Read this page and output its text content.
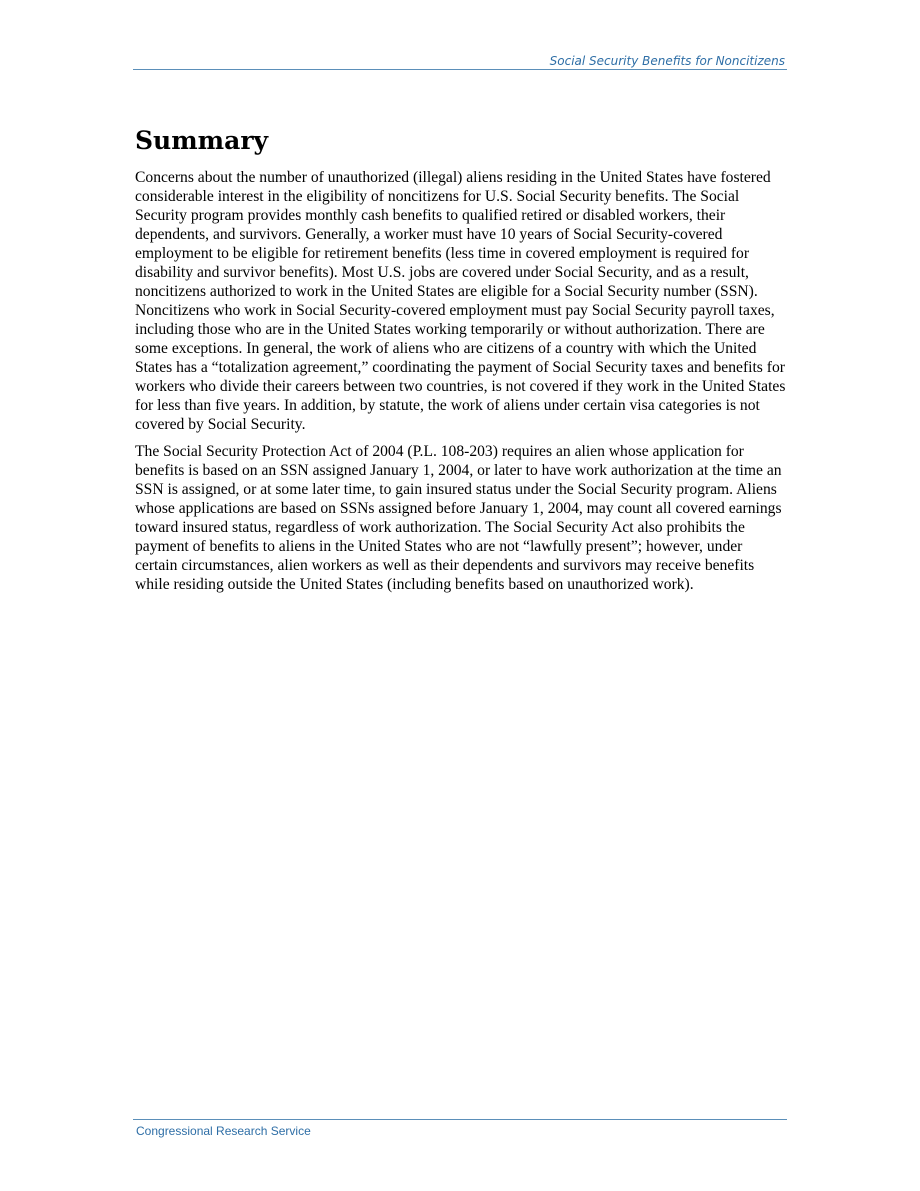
Social Security Benefits for Noncitizens
Summary

Concerns about the number of unauthorized (illegal) aliens residing in the United States have fostered considerable interest in the eligibility of noncitizens for U.S. Social Security benefits. The Social Security program provides monthly cash benefits to qualified retired or disabled workers, their dependents, and survivors. Generally, a worker must have 10 years of Social Security-covered employment to be eligible for retirement benefits (less time in covered employment is required for disability and survivor benefits). Most U.S. jobs are covered under Social Security, and as a result, noncitizens authorized to work in the United States are eligible for a Social Security number (SSN). Noncitizens who work in Social Security-covered employment must pay Social Security payroll taxes, including those who are in the United States working temporarily or without authorization. There are some exceptions. In general, the work of aliens who are citizens of a country with which the United States has a “totalization agreement,” coordinating the payment of Social Security taxes and benefits for workers who divide their careers between two countries, is not covered if they work in the United States for less than five years. In addition, by statute, the work of aliens under certain visa categories is not covered by Social Security.

The Social Security Protection Act of 2004 (P.L. 108-203) requires an alien whose application for benefits is based on an SSN assigned January 1, 2004, or later to have work authorization at the time an SSN is assigned, or at some later time, to gain insured status under the Social Security program. Aliens whose applications are based on SSNs assigned before January 1, 2004, may count all covered earnings toward insured status, regardless of work authorization. The Social Security Act also prohibits the payment of benefits to aliens in the United States who are not “lawfully present”; however, under certain circumstances, alien workers as well as their dependents and survivors may receive benefits while residing outside the United States (including benefits based on unauthorized work).

Congressional Research Service
